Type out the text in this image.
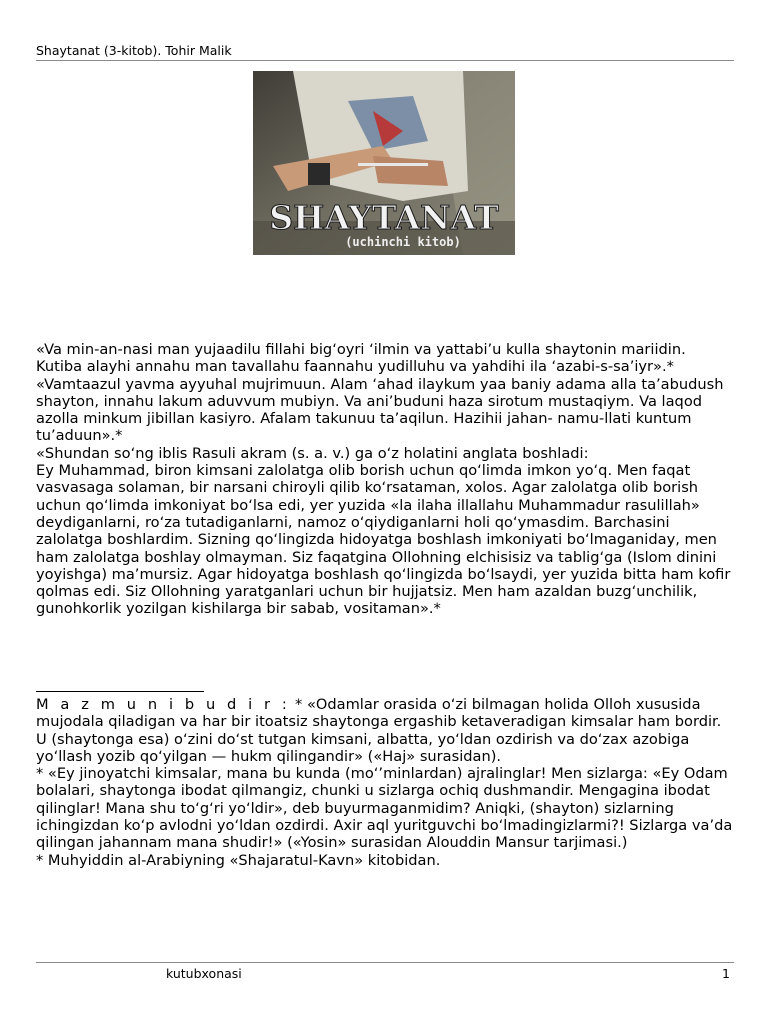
Shaytanat (3-kitob). Tohir Malik
SHAYTANAT
(uchinchi kitob)

«Va min-an-nasi man yujaadilu fillahi big‘oyri ‘ilmin va yattabi’u kulla shaytonin mariidin. Kutiba alayhi annahu man tavallahu faannahu yudilluhu va yahdihi ila ‘azabi-s-sa’iyr».*

«Vamtaazul yavma ayyuhal mujrimuun. Alam ‘ahad ilaykum yaa baniy adama alla ta’abudush shayton, innahu lakum aduvvum mubiyn. Va ani’buduni haza sirotum mustaqiym. Va laqod azolla minkum jibillan kasiyro. Afalam takunuu ta’aqilun. Hazihii jahan- namu-llati kuntum tu’aduun».*

«Shundan so‘ng iblis Rasuli akram (s. a. v.) ga o‘z holatini anglata boshladi:

Ey Muhammad, biron kimsani zalolatga olib borish uchun qo‘limda imkon yo‘q. Men faqat vasvasaga solaman, bir narsani chiroyli qilib ko‘rsataman, xolos. Agar zalolatga olib borish uchun qo‘limda imkoniyat bo‘lsa edi, yer yuzida «la ilaha illallahu Muhammadur rasulillah» deydiganlarni, ro‘za tutadiganlarni, namoz o‘qiydiganlarni holi qo‘ymasdim. Barchasini zalolatga boshlardim. Sizning qo‘lingizda hidoyatga boshlash imkoniyati bo‘lmaganiday, men ham zalolatga boshlay olmayman. Siz faqatgina Ollohning elchisisiz va tablig‘ga (Islom dinini yoyishga) ma’mursiz. Agar hidoyatga boshlash qo‘lingizda bo‘lsaydi, yer yuzida bitta ham kofir qolmas edi. Siz Ollohning yaratganlari uchun bir hujjatsiz. Men ham azaldan buzg‘unchilik, gunohkorlik yozilgan kishilarga bir sabab, vositaman».*

M a z m u n i b u d i r : * «Odamlar orasida o‘zi bilmagan holida Olloh xususida mujodala qiladigan va har bir itoatsiz shaytonga ergashib ketaveradigan kimsalar ham bordir. U (shaytonga esa) o‘zini do‘st tutgan kimsani, albatta, yo‘ldan ozdirish va do‘zax azobiga yo‘llash yozib qo‘yilgan — hukm qilingandir» («Haj» surasidan).

* «Ey jinoyatchi kimsalar, mana bu kunda (mo‘’minlardan) ajralinglar! Men sizlarga: «Ey Odam bolalari, shaytonga ibodat qilmangiz, chunki u sizlarga ochiq dushmandir. Mengagina ibodat qilinglar! Mana shu to‘g‘ri yo‘ldir», deb buyurmaganmidim? Aniqki, (shayton) sizlarning ichingizdan ko‘p avlodni yo‘ldan ozdirdi. Axir aql yuritguvchi bo‘lmadingizlarmi?! Sizlarga va’da qilingan jahannam mana shudir!» («Yosin» surasidan Alouddin Mansur tarjimasi.)

* Muhyiddin al-Arabiyning «Shajaratul-Kavn» kitobidan.

kutubxonasi	1
